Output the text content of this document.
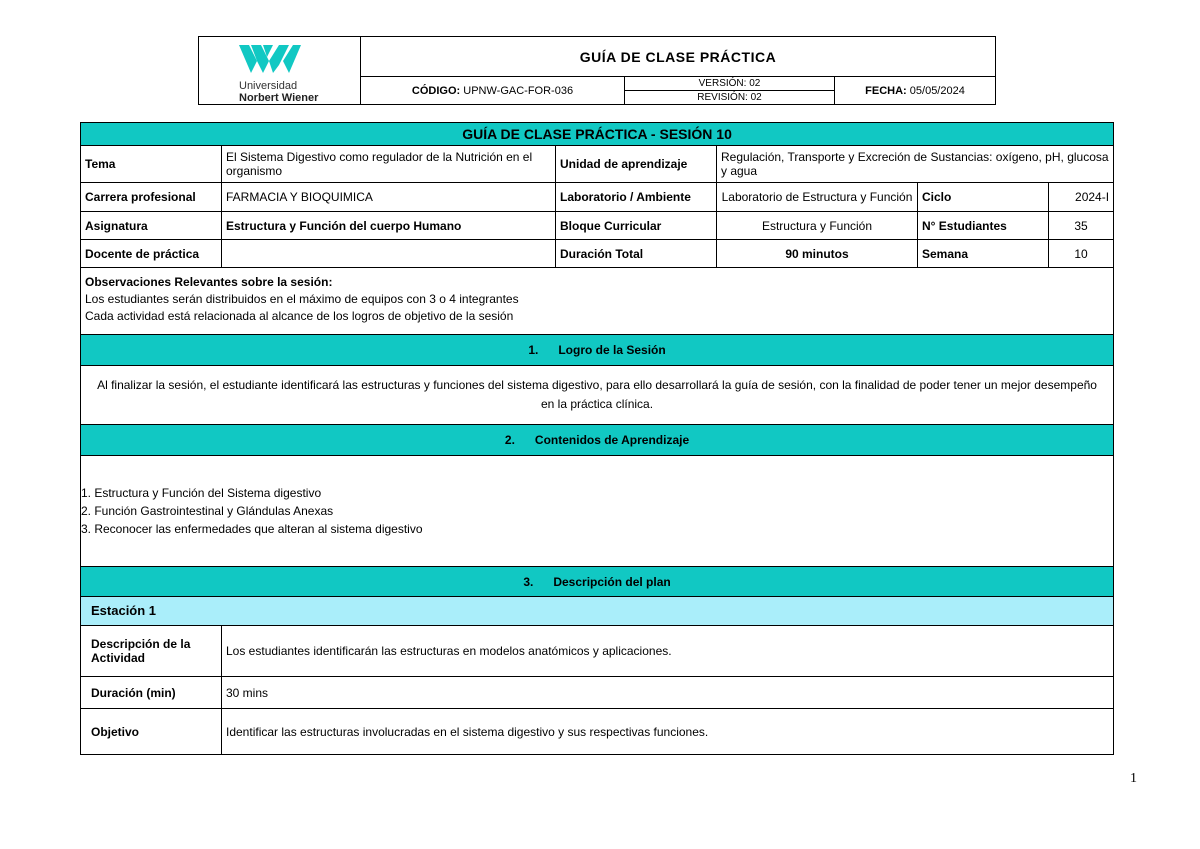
Universidad
Norbert Wiener
GUÍA DE CLASE PRÁCTICA
CÓDIGO:
UPNW-GAC-FOR-036
VERSIÓN: 02
REVISIÓN: 02
FECHA:
05/05/2024
GUÍA DE CLASE PRÁCTICA - SESIÓN 10					
Tema	El Sistema Digestivo como regulador de la Nutrición en el organismo	Unidad de aprendizaje	Regulación, Transporte y Excreción de Sustancias: oxígeno, pH, glucosa y agua		
Carrera profesional	FARMACIA Y BIOQUIMICA	Laboratorio / Ambiente	Laboratorio de Estructura y Función	Ciclo	2024-I
Asignatura	Estructura y Función del cuerpo Humano	Bloque Curricular	Estructura y Función	N° Estudiantes	35
Docente de práctica		Duración Total	90 minutos	Semana	10

Observaciones Relevantes sobre la sesión:
Los estudiantes serán distribuidos en el máximo de equipos con 3 o 4 integrantes
Cada actividad está relacionada al alcance de los logros de objetivo de la sesión					

1.      Logro de la Sesión					
Al finalizar la sesión, el estudiante identificará las estructuras y funciones del sistema digestivo, para ello desarrollará la guía de sesión, con la finalidad de poder tener un mejor desempeño en la práctica clínica.					
2.      Contenidos de Aprendizaje					

1. Estructura y Función del Sistema digestivo
2. Función Gastrointestinal y Glándulas Anexas
3. Reconocer las enfermedades que alteran al sistema digestivo					

3.      Descripción del plan					
Estación 1					
Descripción de la Actividad	Los estudiantes identificarán las estructuras en modelos anatómicos y aplicaciones.				
Duración (min)	30 mins				
Objetivo	Identificar las estructuras involucradas en el sistema digestivo y sus respectivas funciones.				
1
